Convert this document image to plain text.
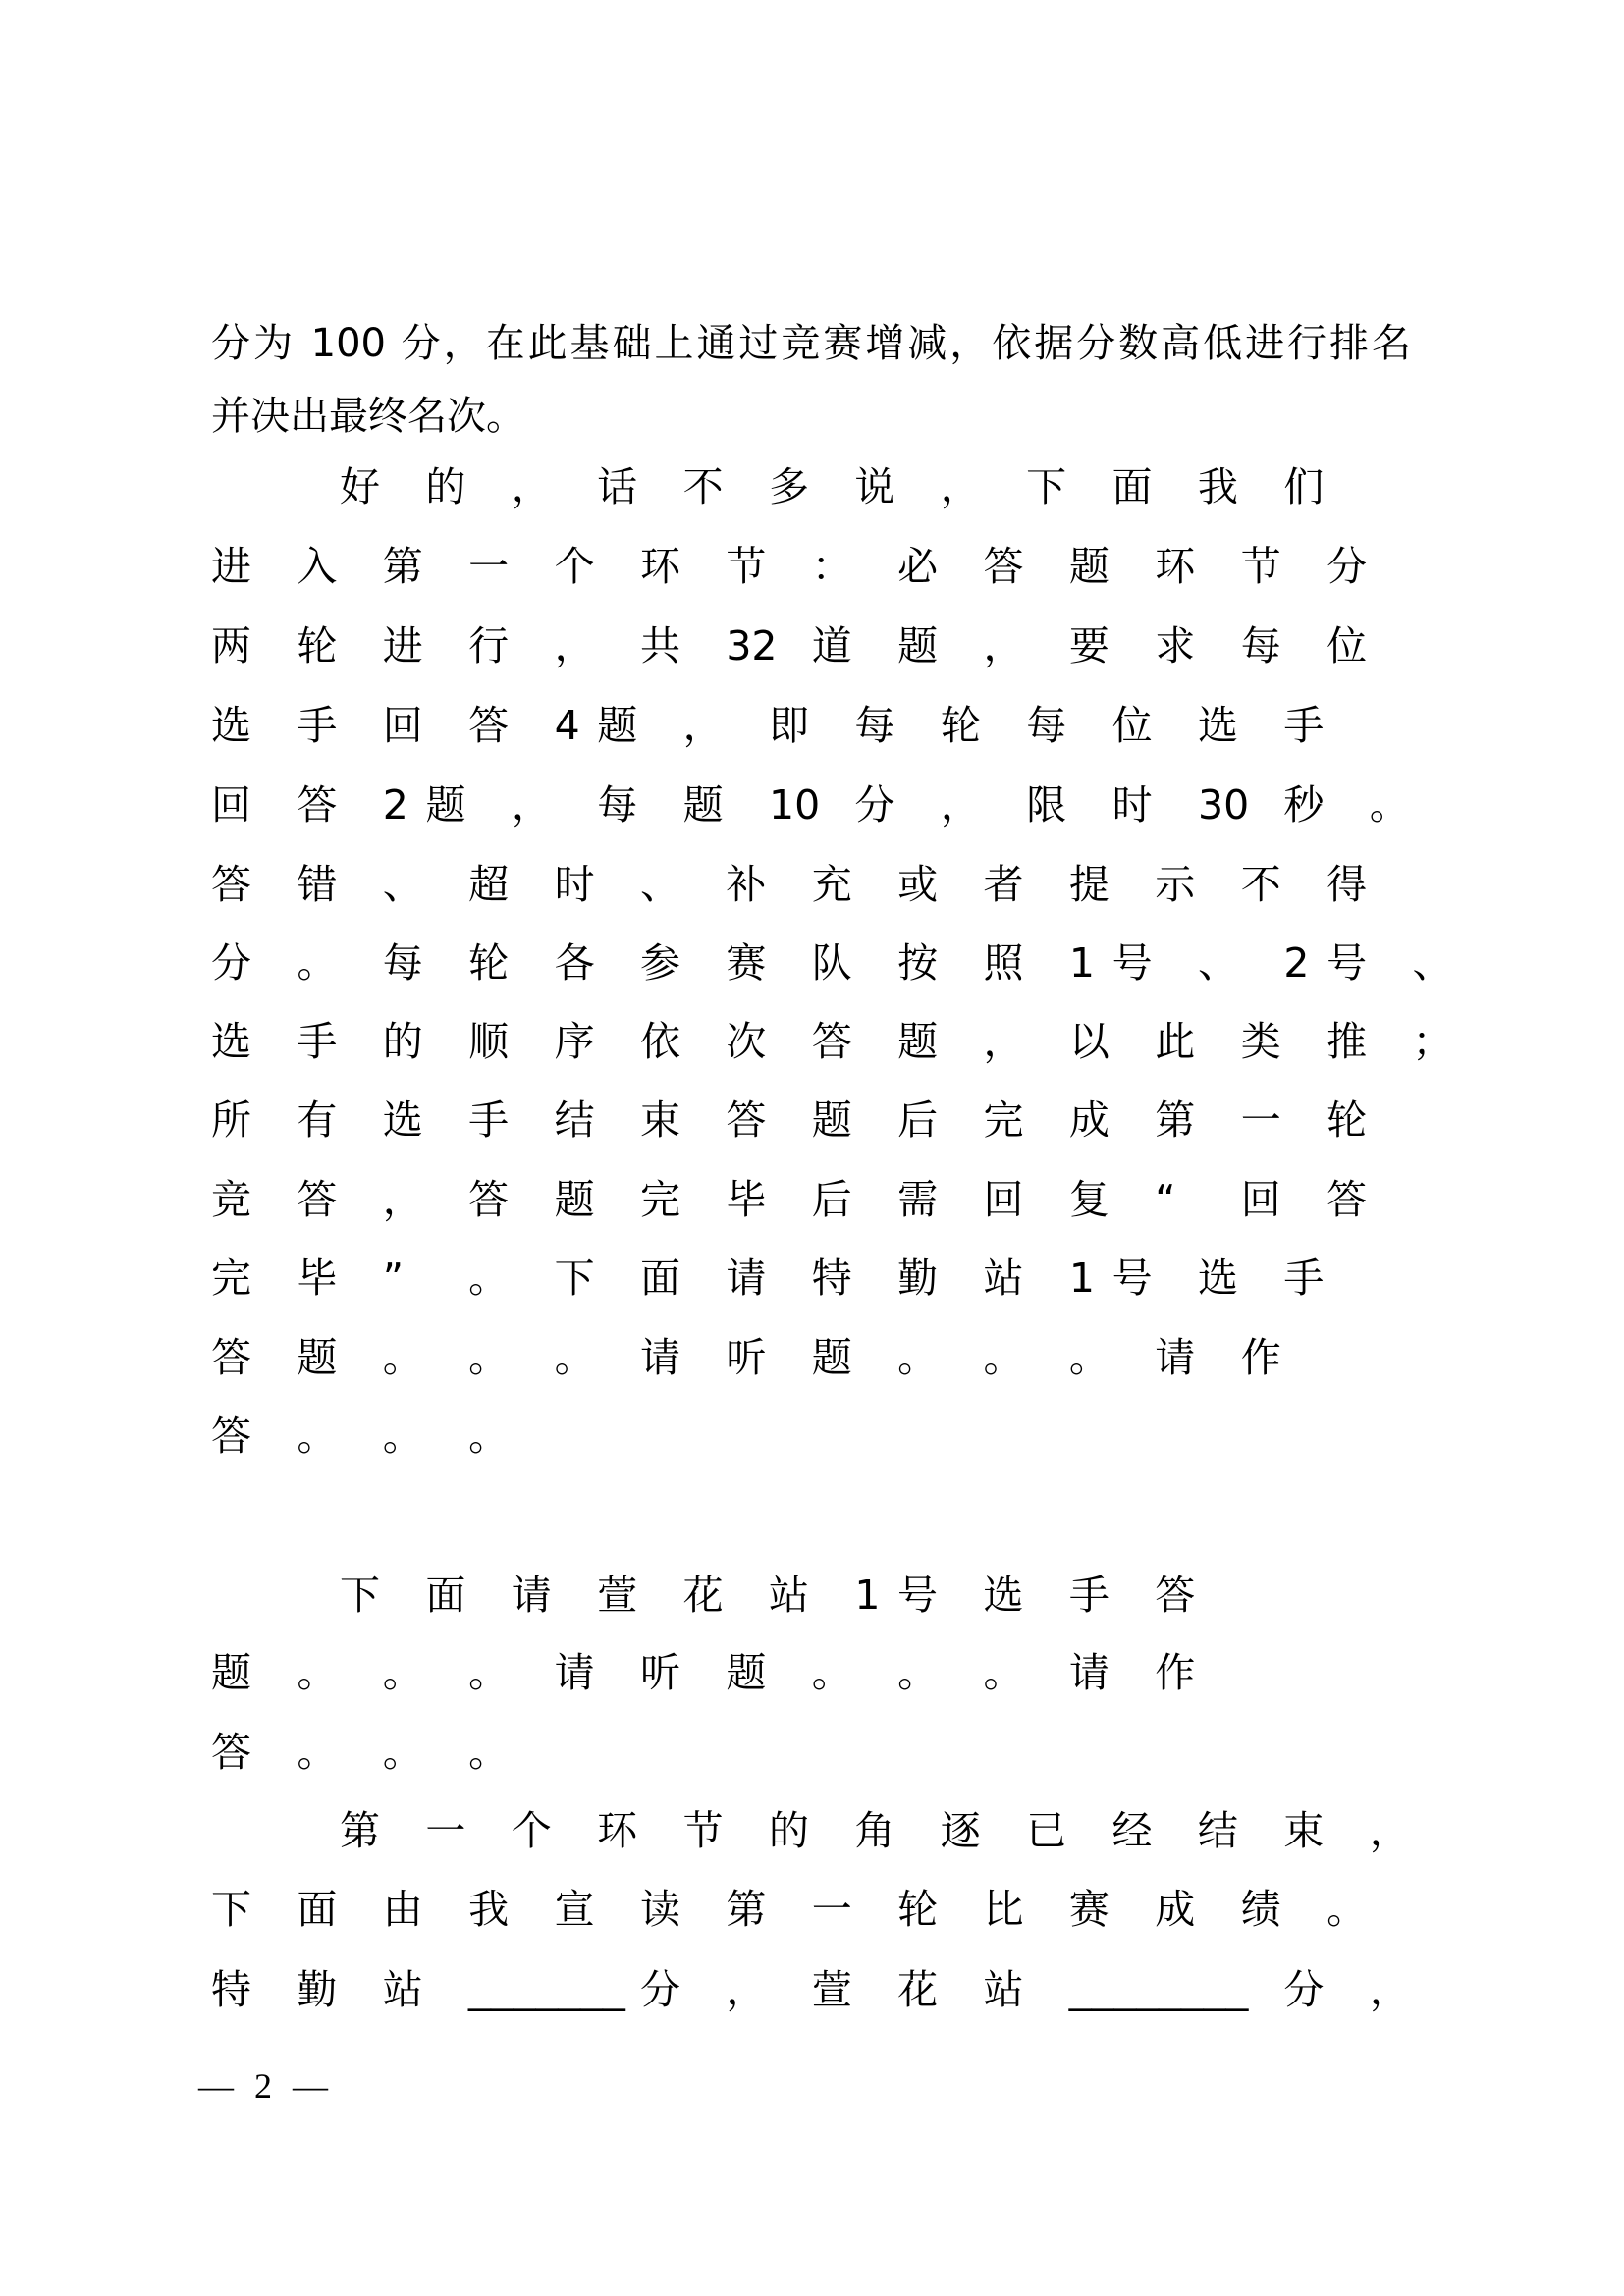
分为 100 分，在此基础上通过竞赛增减，依据分数高低进行排名
并决出最终名次。
好 的 ， 话 不 多 说 ， 下 面 我 们
进 入 第 一 个 环 节 ： 必 答 题 环 节 分
两 轮 进 行 ， 共 32 道 题 ， 要 求 每 位
选 手 回 答 4 题 ， 即 每 轮 每 位 选 手
回 答 2 题 ， 每 题 10 分 ， 限 时 30 秒 。
答 错 、 超 时 、 补 充 或 者 提 示 不 得
分 。 每 轮 各 参 赛 队 按 照 1 号 、 2 号 、
选 手 的 顺 序 依 次 答 题 ， 以 此 类 推 ；
所 有 选 手 结 束 答 题 后 完 成 第 一 轮
竞 答 ， 答 题 完 毕 后 需 回 复 “ 回 答
完 毕 ” 。 下 面 请 特 勤 站 1 号 选 手
答 题 。 。 。 请 听 题 。 。 。 请 作
答 。 。 。
下 面 请 萱 花 站 1 号 选 手 答
题 。 。 。 请 听 题 。 。 。 请 作
答 。 。 。
第 一 个 环 节 的 角 逐 已 经 结 束 ，
下 面 由 我 宣 读 第 一 轮 比 赛 成 绩 。
特 勤 站 _______ 分 ， 萱 花 站 ________ 分 ，
— 2 —
